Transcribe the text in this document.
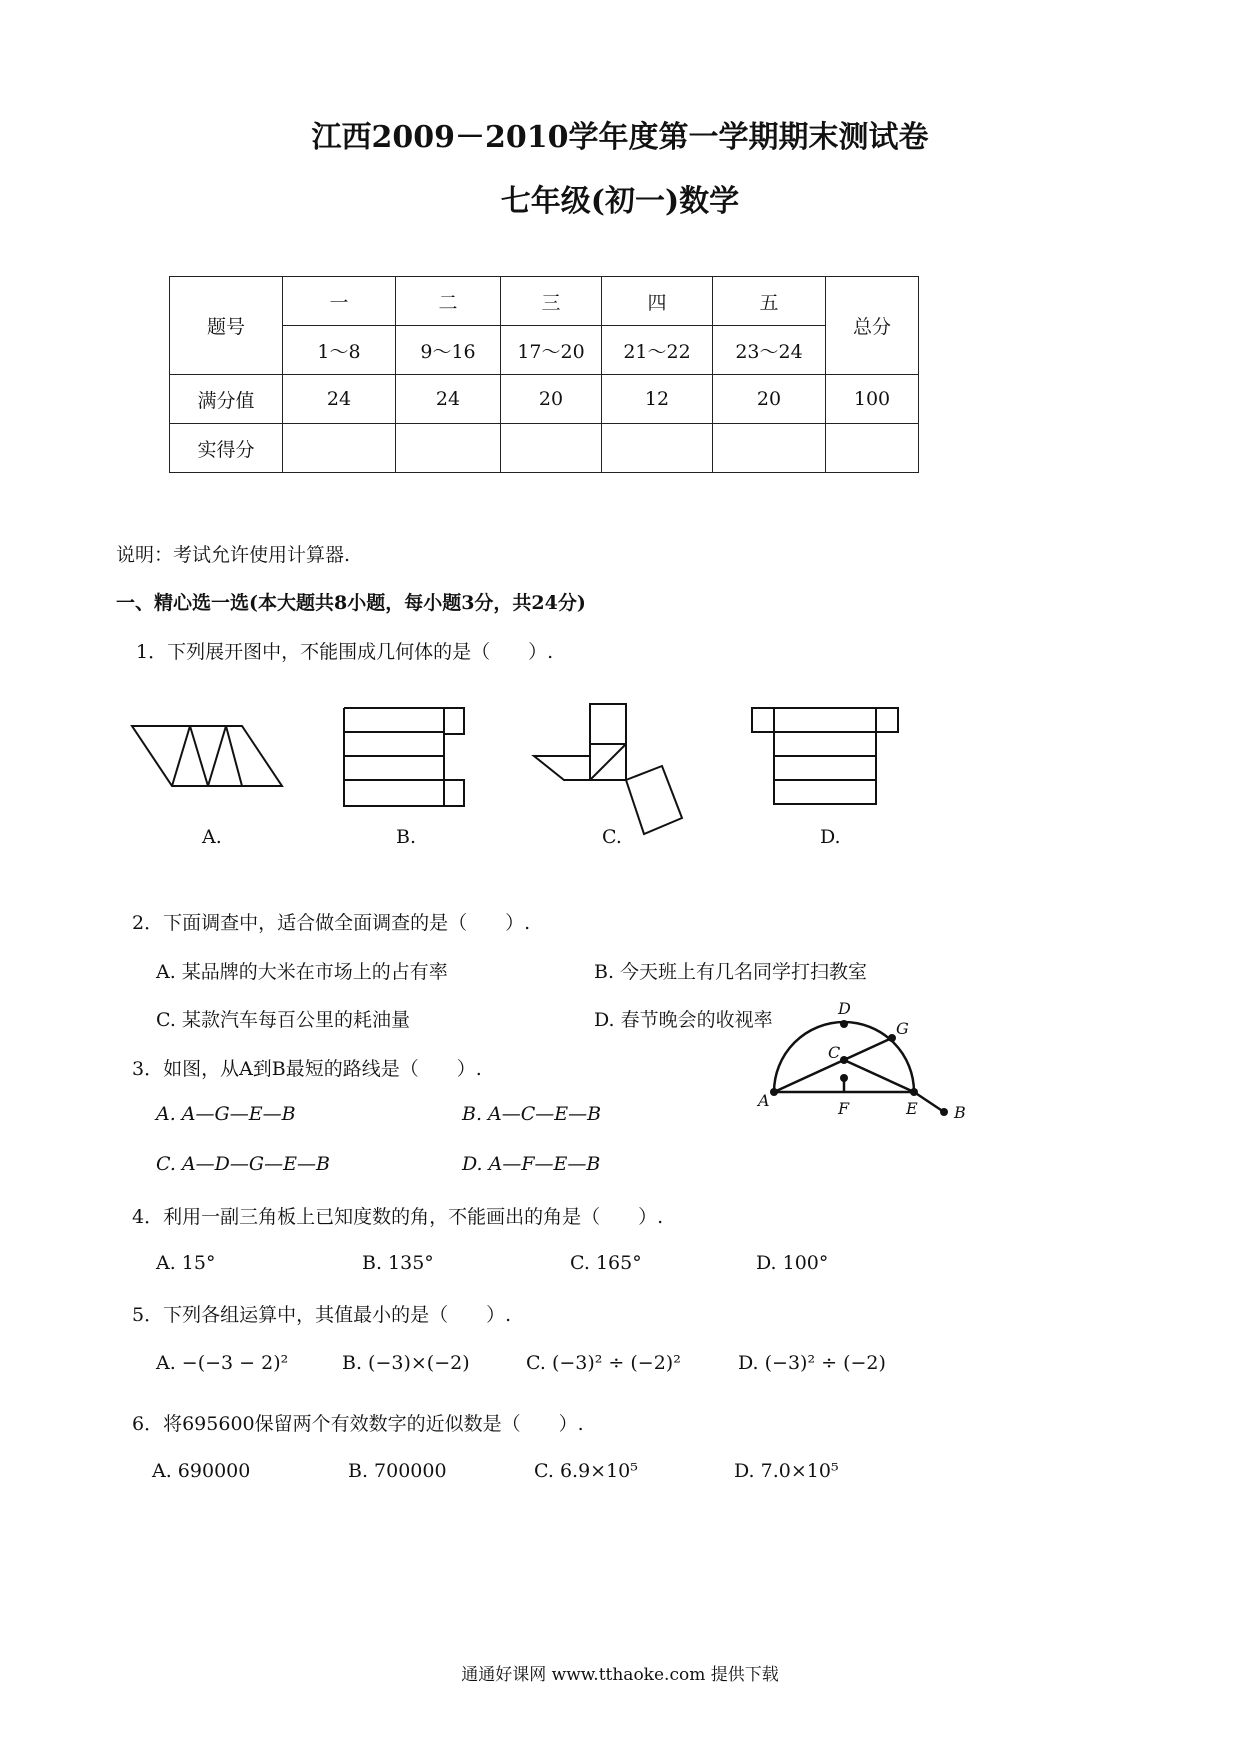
江西2009－2010学年度第一学期期末测试卷
七年级(初一)数学
题号	一	二	三	四	五	总分
	1～8	9～16	17～20	21～22	23～24	
满分值	24	24	20	12	20	100
实得分						
说明：考试允许使用计算器.
一、精心选一选(本大题共8小题，每小题3分，共24分)
1．下列展开图中，不能围成几何体的是（　　）.
A.	B.	C.	D.
2．下面调查中，适合做全面调查的是（　　）.
A. 某品牌的大米在市场上的占有率	B. 今天班上有几名同学打扫教室
C. 某款汽车每百公里的耗油量	D. 春节晚会的收视率
3．如图，从A到B最短的路线是（　　）.
A. A—G—E—B	B. A—C—E—B
C. A—D—G—E—B	D. A—F—E—B
D
G
C
A	F	E B
4．利用一副三角板上已知度数的角，不能画出的角是（　　）.
A. 15°	B. 135°	C. 165°	D. 100°
5．下列各组运算中，其值最小的是（　　）.
A. −(−3 − 2)²	B. (−3)×(−2)	C. (−3)² ÷ (−2)²	D. (−3)² ÷ (−2)
6．将695600保留两个有效数字的近似数是（　　）.
A. 690000	B. 700000	C. 6.9×10⁵	D. 7.0×10⁵
通通好课网 www.tthaoke.com 提供下载
